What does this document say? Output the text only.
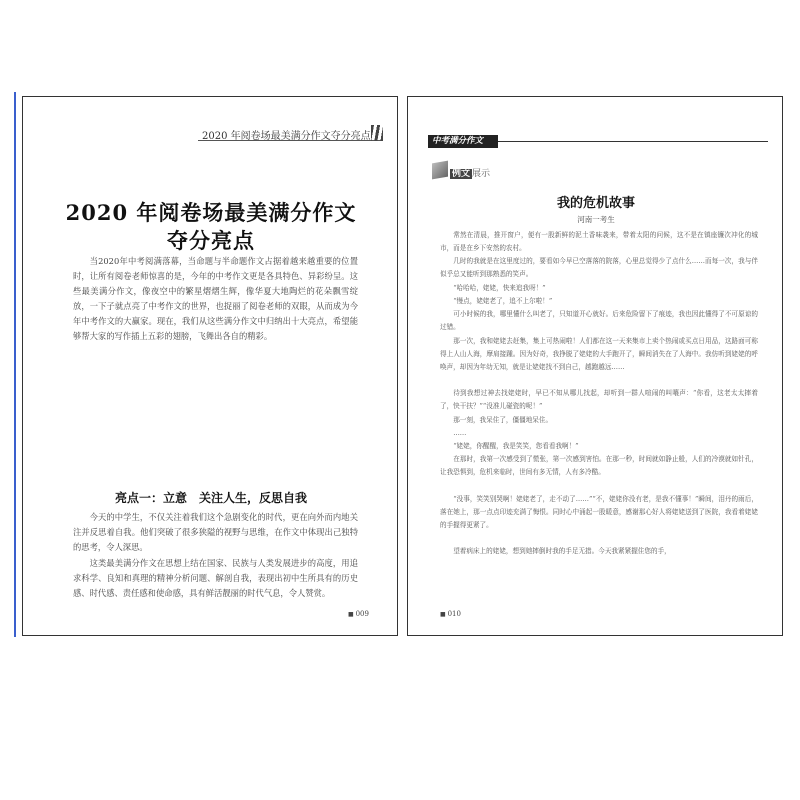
2020 年阅卷场最美满分作文夺分亮点
2020 年阅卷场最美满分作文
夺分亮点
当2020年中考阅满落幕，当命题与半命题作文占据着越来越重要的位置时，让所有阅卷老师惊喜的是，今年的中考作文更是各具特色、异彩纷呈。这些最美满分作文，像夜空中的繁星熠熠生辉，像华夏大地陶烂的花朵飘雪绽放，一下子就点亮了中考作文的世界，也捉丽了阅卷老师的双眼，从而成为今年中考作文的大赢家。现在，我们从这些满分作文中归纳出十大亮点，希望能够帮大家的写作插上五彩的翅膀，飞舞出各自的精彩。
亮点一：立意　关注人生，反思自我
今天的中学生，不仅关注着我们这个急剧变化的时代，更在向外而内地关注并反思着自我。他们突破了很多狭隘的视野与思维，在作文中体现出己独特的思考，令人深思。
这类最美满分作文在思想上结在国家、民族与人类发展进步的高度，用追求科学、良知和真理的精神分析问题、解剖自我，表现出初中生所具有的历史感、时代感、责任感和使命感，具有鲜活靓丽的时代气息，令人赞赏。
■ 009
中考满分作文
例文 展示
我的危机故事
河南一考生
常然在清晨，推开窗户，便有一股新鲜的泥土香味袭来，带着太阳的问候，这不是在镇座镰次冲化的城市，而是在乡下安然的农村。
几时的我就是在这里度过的，要看如今早已空落落的院落，心里总觉得少了点什么……而每一次，我与伴似乎总又能听到那熟悉的笑声。
“哈哈哈，姥姥，快来追我呀！”
“慢点，姥姥老了，追不上尔啦！”
可小时候的我，哪里懂什么叫老了，只知道开心就好。后来危险留下了痕迹，我也因此懂得了不可原谅的过错。
那一次，我和姥姥去赶集，集上可热闹啦！人们都在这一天来集市上卖个热闹或买点日用品，这路面可称得上人山人海，摩肩接踵。因为好奇，我挣脱了姥姥的大手跑开了，瞬间消失在了人海中。我仿听到姥姥的呼唤声，却因为年幼无知，就是让姥姥找不到自己，越跑越远……
待到我想过神去找姥姥时，早已不知从哪儿找起，却听到一群人喧闹的叫嚷声：“你看，这老太太摔着了，快干扶？”“没准儿碰瓷的呢！”
那一刻，我呆住了，僵僵地呆住。
……
“姥姥，你醒醒，我是笑笑，您看看我啊！”
在那时，我第一次感受到了慌张，第一次感到害怕。在那一秒，时间就如静止般，人们的冷漠就如针孔，让我恐惧到，危机来临时，世间有多无情，人有多冷酷。
“没事，笑笑别哭啊！姥姥老了，走不动了……”“不，姥姥你没有老，是我不懂事！”瞬间，泪丹的雨后，落在她上，那一点点印迹充满了悔恨。同时心中涌起一股暖意，感谢那心好人将姥姥送到了医院，我看着姥姥的手握得更紧了。
望着病床上的姥姥，想到她摔倒时我的手足无措。今天我紧紧握住您的手，
■ 010
